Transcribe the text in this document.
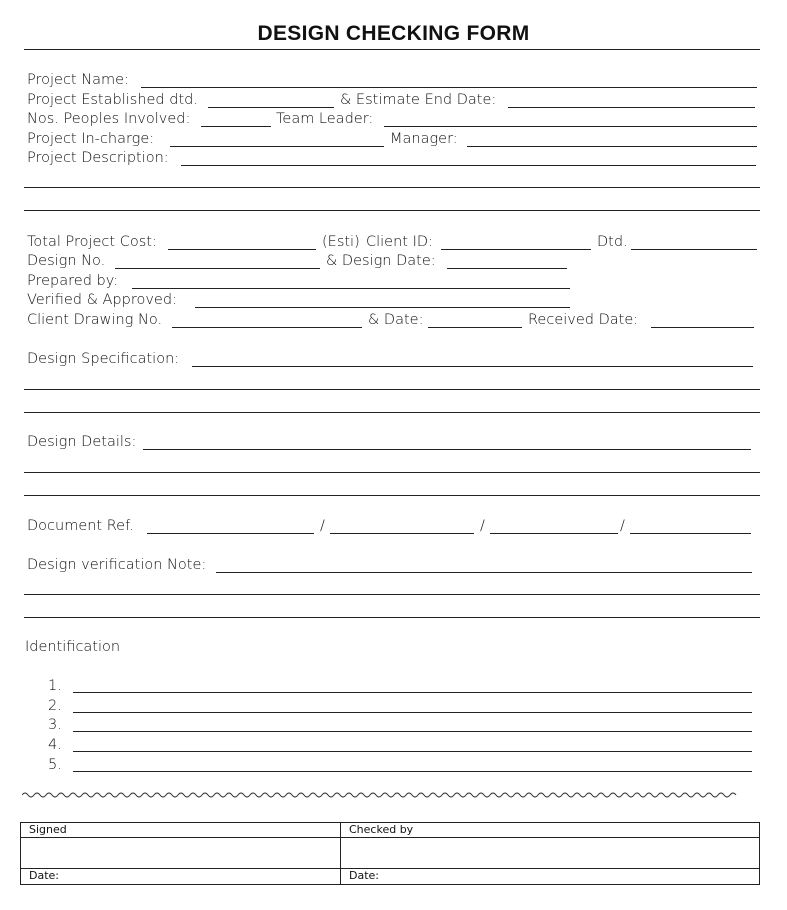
DESIGN CHECKING FORM
Project Name:
Project Established dtd.	& Estimate End Date:
Nos. Peoples Involved:	Team Leader:
Project In-charge:	Manager:
Project Description:
Total Project Cost:	(Esti) Client ID:	Dtd.
Design No.	& Design Date:
Prepared by:
Verified & Approved:
Client Drawing No.	& Date:	Received Date:
Design Specification:
Design Details:
Document Ref.	/	/	/
Design verification Note:
Identification
1.
2.
3.
4.
5.
Signed	Checked by

Date:	Date:
